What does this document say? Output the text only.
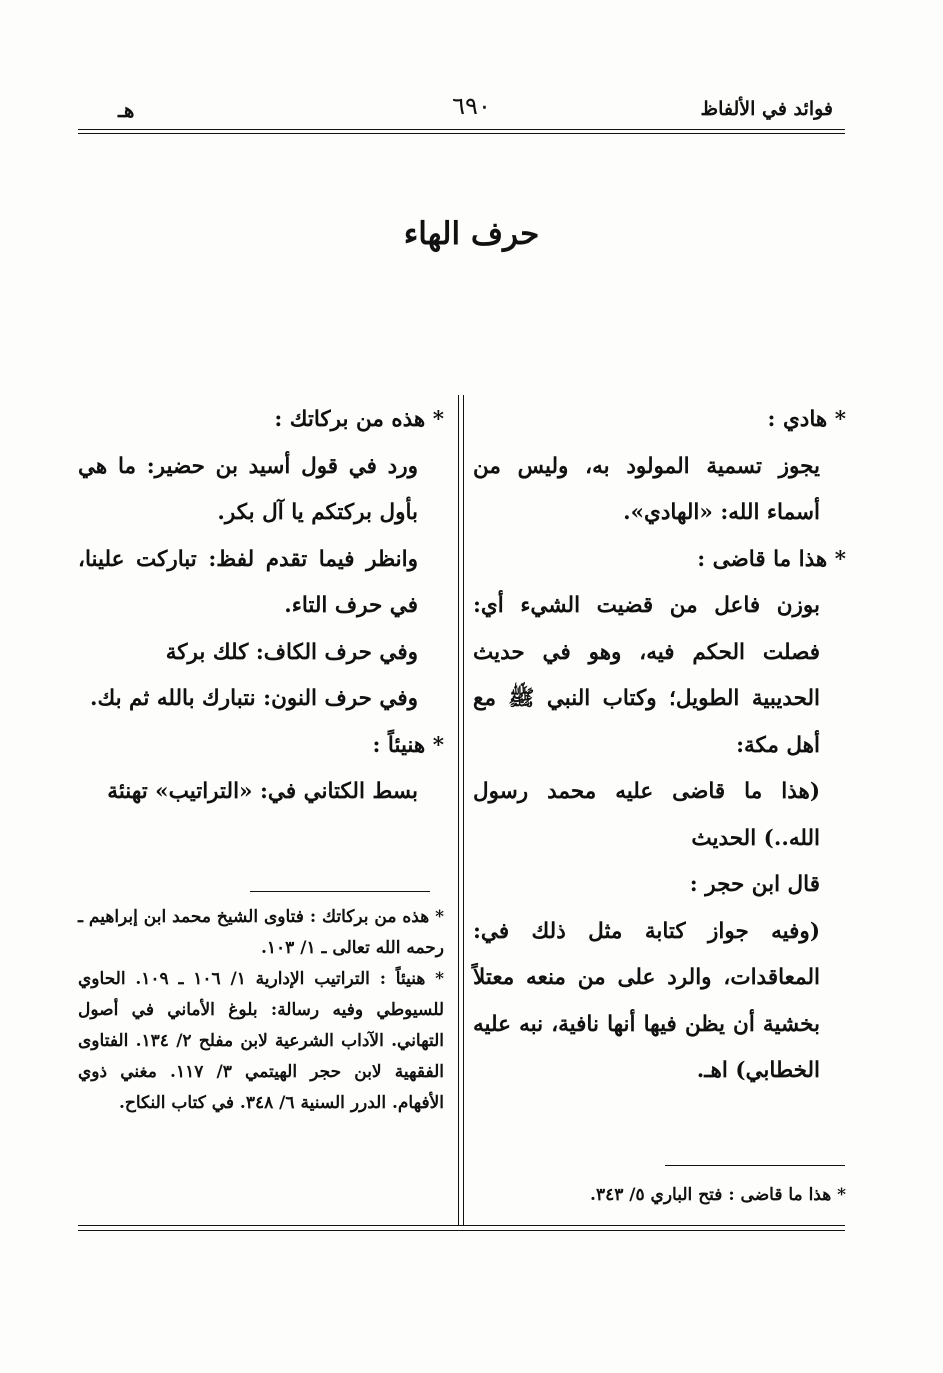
فوائد في الألفاظ
٦٩٠
هـ
حرف الهاء

* هادي :

يجوز تسمية المولود به، وليس من أسماء الله: «الهادي».

* هذا ما قاضى :

بوزن فاعل من قضيت الشيء أي: فصلت الحكم فيه، وهو في حديث الحديبية الطويل؛ وكتاب النبي ﷺ مع أهل مكة:

(هذا ما قاضى عليه محمد رسول الله..) الحديث

قال ابن حجر :

(وفيه جواز كتابة مثل ذلك في: المعاقدات، والرد على من منعه معتلاً بخشية أن يظن فيها أنها نافية، نبه عليه الخطابي) اهـ.

* هذه من بركاتك :

ورد في قول أسيد بن حضير: ما هي بأول بركتكم يا آل بكر.

وانظر فيما تقدم لفظ: تباركت علينا، في حرف التاء.

وفي حرف الكاف: كلك بركة

وفي حرف النون: نتبارك بالله ثم بك.

* هنيئاً :

بسط الكتاني في: «التراتيب» تهنئة

* هذه من بركاتك : فتاوى الشيخ محمد ابن إبراهيم ـ رحمه الله تعالى ـ ١/ ١٠٣.

* هنيئاً : التراتيب الإدارية ١/ ١٠٦ ـ ١٠٩. الحاوي للسيوطي وفيه رسالة: بلوغ الأماني في أصول التهاني. الآداب الشرعية لابن مفلح ٢/ ١٣٤. الفتاوى الفقهية لابن حجر الهيتمي ٣/ ١١٧. مغني ذوي الأفهام. الدرر السنية ٦/ ٣٤٨. في كتاب النكاح.

* هذا ما قاضى : فتح الباري ٥/ ٣٤٣.
